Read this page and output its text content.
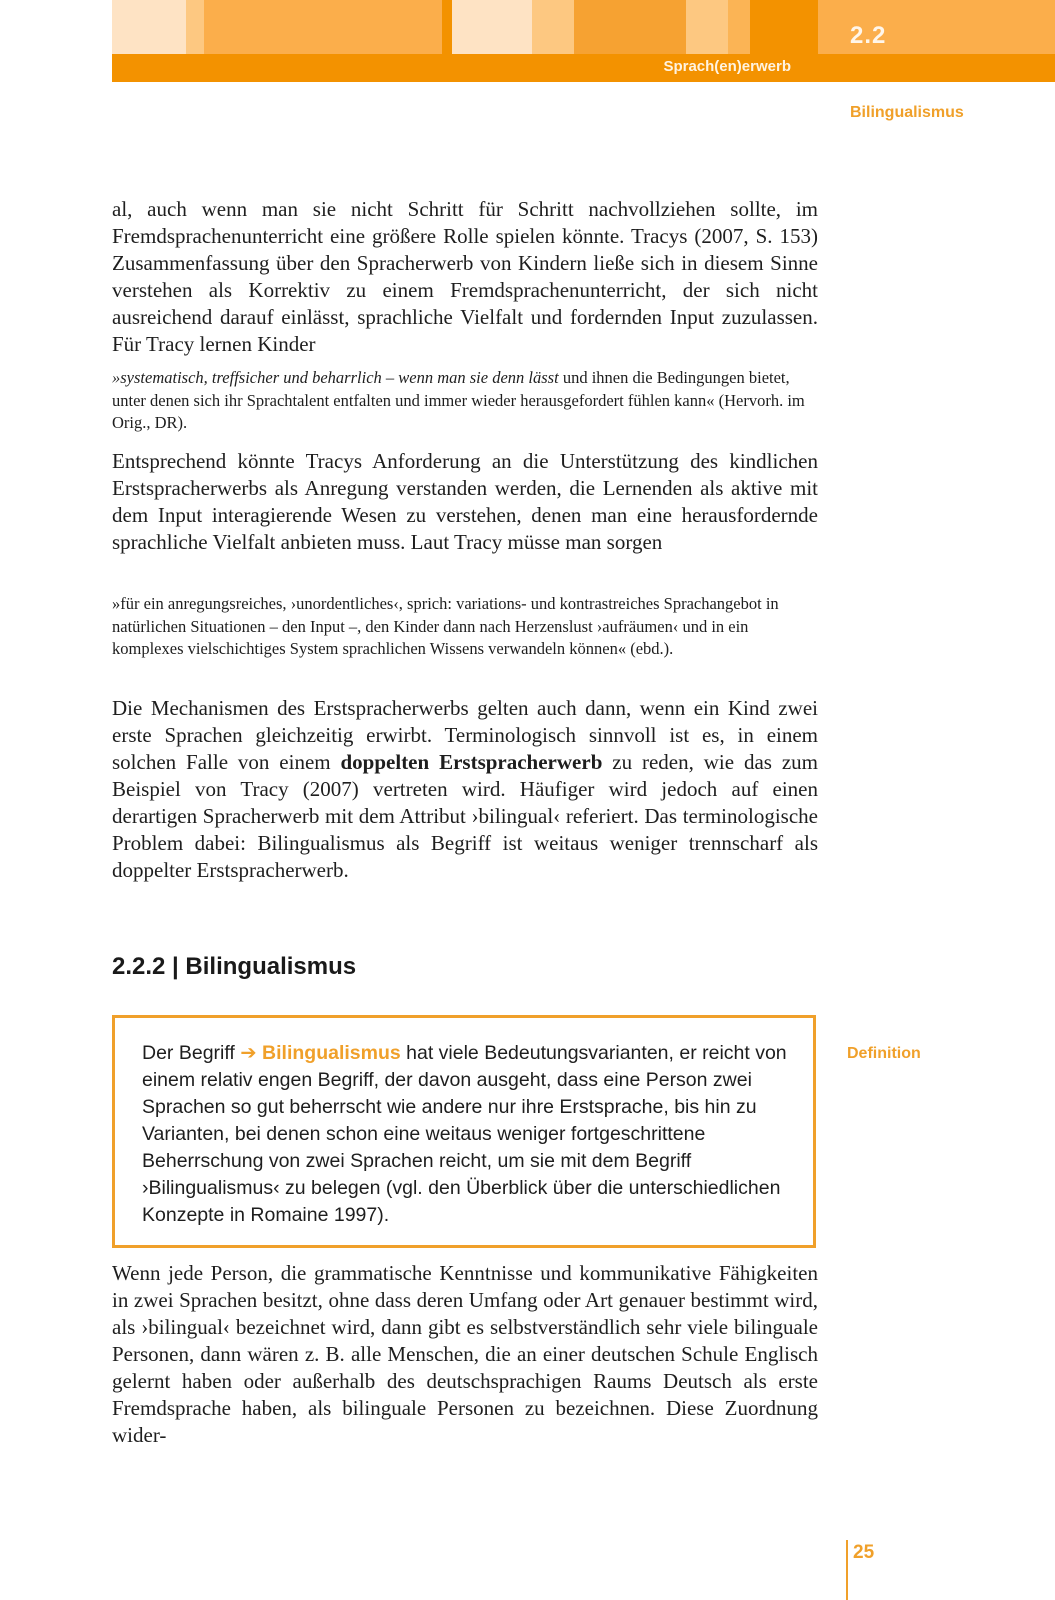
Sprach(en)erwerb
2.2
Bilingualismus

al, auch wenn man sie nicht Schritt für Schritt nachvollziehen sollte, im Fremdsprachenunterricht eine größere Rolle spielen könnte. Tracys (2007, S. 153) Zusammenfassung über den Spracherwerb von Kindern ließe sich in diesem Sinne verstehen als Korrektiv zu einem Fremdsprachenunterricht, der sich nicht ausreichend darauf einlässt, sprachliche Vielfalt und fordernden Input zuzulassen. Für Tracy lernen Kinder

»systematisch, treffsicher und beharrlich – wenn man sie denn lässt und ihnen die Bedingungen bietet, unter denen sich ihr Sprachtalent entfalten und immer wieder herausgefordert fühlen kann« (Hervorh. im Orig., DR).

Entsprechend könnte Tracys Anforderung an die Unterstützung des kindlichen Erstspracherwerbs als Anregung verstanden werden, die Lernenden als aktive mit dem Input interagierende Wesen zu verstehen, denen man eine herausfordernde sprachliche Vielfalt anbieten muss. Laut Tracy müsse man sorgen

»für ein anregungsreiches, ›unordentliches‹, sprich: variations- und kontrastreiches Sprachangebot in natürlichen Situationen – den Input –, den Kinder dann nach Herzenslust ›aufräumen‹ und in ein komplexes vielschichtiges System sprachlichen Wissens verwandeln können« (ebd.).

Die Mechanismen des Erstspracherwerbs gelten auch dann, wenn ein Kind zwei erste Sprachen gleichzeitig erwirbt. Terminologisch sinnvoll ist es, in einem solchen Falle von einem doppelten Erstspracherwerb zu reden, wie das zum Beispiel von Tracy (2007) vertreten wird. Häufiger wird jedoch auf einen derartigen Spracherwerb mit dem Attribut ›bilingual‹ referiert. Das terminologische Problem dabei: Bilingualismus als Begriff ist weitaus weniger trennscharf als doppelter Erstspracherwerb.

2.2.2 | Bilingualismus

Der Begriff ➔ Bilingualismus hat viele Bedeutungsvarianten, er reicht von einem relativ engen Begriff, der davon ausgeht, dass eine Person zwei Sprachen so gut beherrscht wie andere nur ihre Erstsprache, bis hin zu Varianten, bei denen schon eine weitaus weniger fortgeschrittene Beherrschung von zwei Sprachen reicht, um sie mit dem Begriff ›Bilingualismus‹ zu belegen (vgl. den Überblick über die unterschiedlichen Konzepte in Romaine 1997).

Definition

Wenn jede Person, die grammatische Kenntnisse und kommunikative Fähigkeiten in zwei Sprachen besitzt, ohne dass deren Umfang oder Art genauer bestimmt wird, als ›bilingual‹ bezeichnet wird, dann gibt es selbstverständlich sehr viele bilinguale Personen, dann wären z. B. alle Menschen, die an einer deutschen Schule Englisch gelernt haben oder außerhalb des deutschsprachigen Raums Deutsch als erste Fremdsprache haben, als bilinguale Personen zu bezeichnen. Diese Zuordnung wider-

25
